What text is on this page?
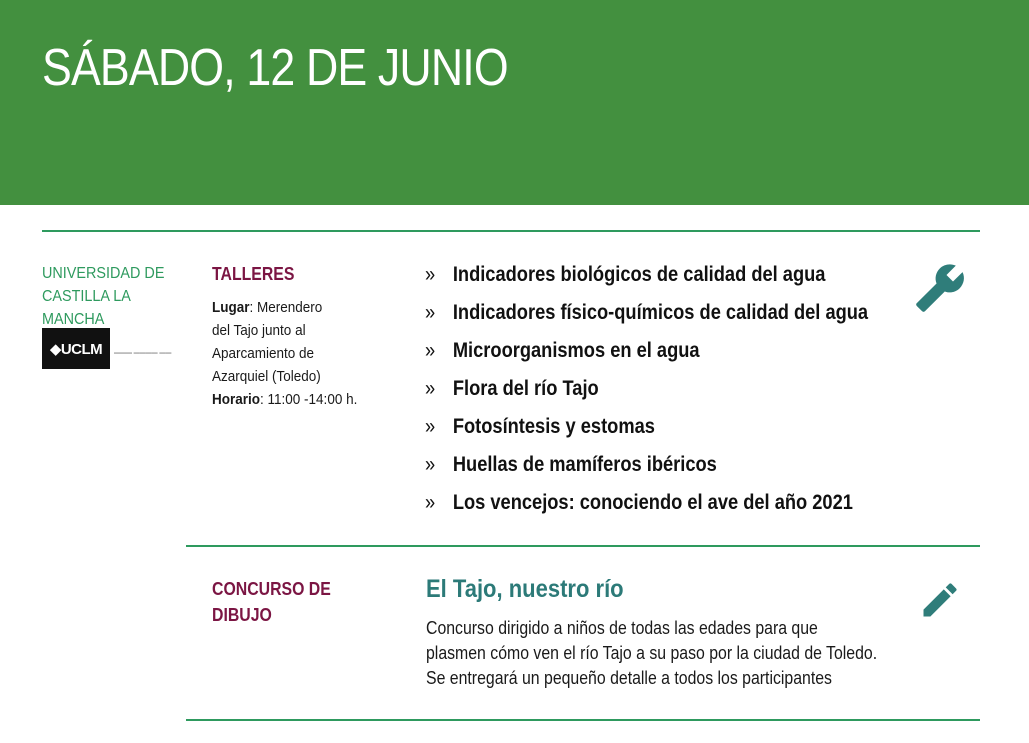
SÁBADO, 12 DE JUNIO
UNIVERSIDAD DE
CASTILLA LA MANCHA
◆UCLM	▬▬▬ ▬▬▬▬ ▬▬
TALLERES
Lugar: Merendero
del Tajo junto al
Aparcamiento de
Azarquiel (Toledo)
Horario: 11:00 -14:00 h.
» Indicadores biológicos de calidad del agua
» Indicadores físico-químicos de calidad del agua
» Microorganismos en el agua
» Flora del río Tajo
» Fotosíntesis y estomas
» Huellas de mamíferos ibéricos
» Los vencejos: conociendo el ave del año 2021
CONCURSO DE
DIBUJO
El Tajo, nuestro río
Concurso dirigido a niños de todas las edades para que
plasmen cómo ven el río Tajo a su paso por la ciudad de Toledo.
Se entregará un pequeño detalle a todos los participantes
